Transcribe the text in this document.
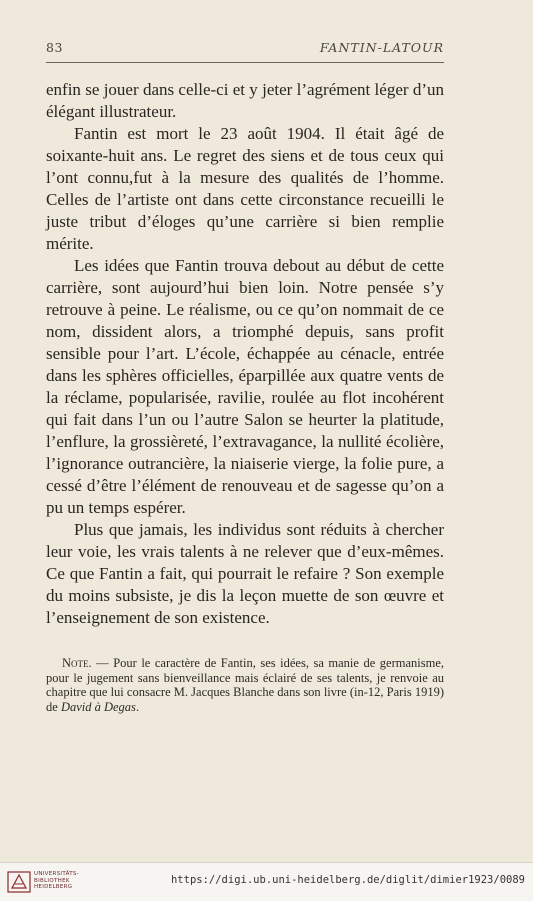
83	FANTIN-LATOUR

enfin se jouer dans celle-ci et y jeter l’agrément léger d’un élégant illustrateur.

Fantin est mort le 23 août 1904. Il était âgé de soixante-huit ans. Le regret des siens et de tous ceux qui l’ont connu,fut à la mesure des qualités de l’homme. Celles de l’artiste ont dans cette circonstance recueilli le juste tribut d’éloges qu’une carrière si bien remplie mérite.

Les idées que Fantin trouva debout au début de cette carrière, sont aujourd’hui bien loin. Notre pensée s’y retrouve à peine. Le réalisme, ou ce qu’on nommait de ce nom, dissident alors, a triomphé depuis, sans profit sensible pour l’art. L’école, échappée au cénacle, entrée dans les sphères officielles, éparpillée aux quatre vents de la réclame, popularisée, ravilie, roulée au flot incohérent qui fait dans l’un ou l’autre Salon se heurter la platitude, l’enflure, la grossièreté, l’extravagance, la nullité écolière, l’ignorance outrancière, la niaiserie vierge, la folie pure, a cessé d’être l’élément de renouveau et de sagesse qu’on a pu un temps espérer.

Plus que jamais, les individus sont réduits à chercher leur voie, les vrais talents à ne relever que d’eux-mêmes. Ce que Fantin a fait, qui pourrait le refaire ? Son exemple du moins subsiste, je dis la leçon muette de son œuvre et l’enseignement de son existence.

Note. — Pour le caractère de Fantin, ses idées, sa manie de germanisme, pour le jugement sans bienveillance mais éclairé de ses talents, je renvoie au chapitre que lui consacre M. Jacques Blanche dans son livre (in-12, Paris 1919) de David à Degas.
UNIVERSITÄTS-
BIBLIOTHEK
HEIDELBERG
https://digi.ub.uni-heidelberg.de/diglit/dimier1923/0089
